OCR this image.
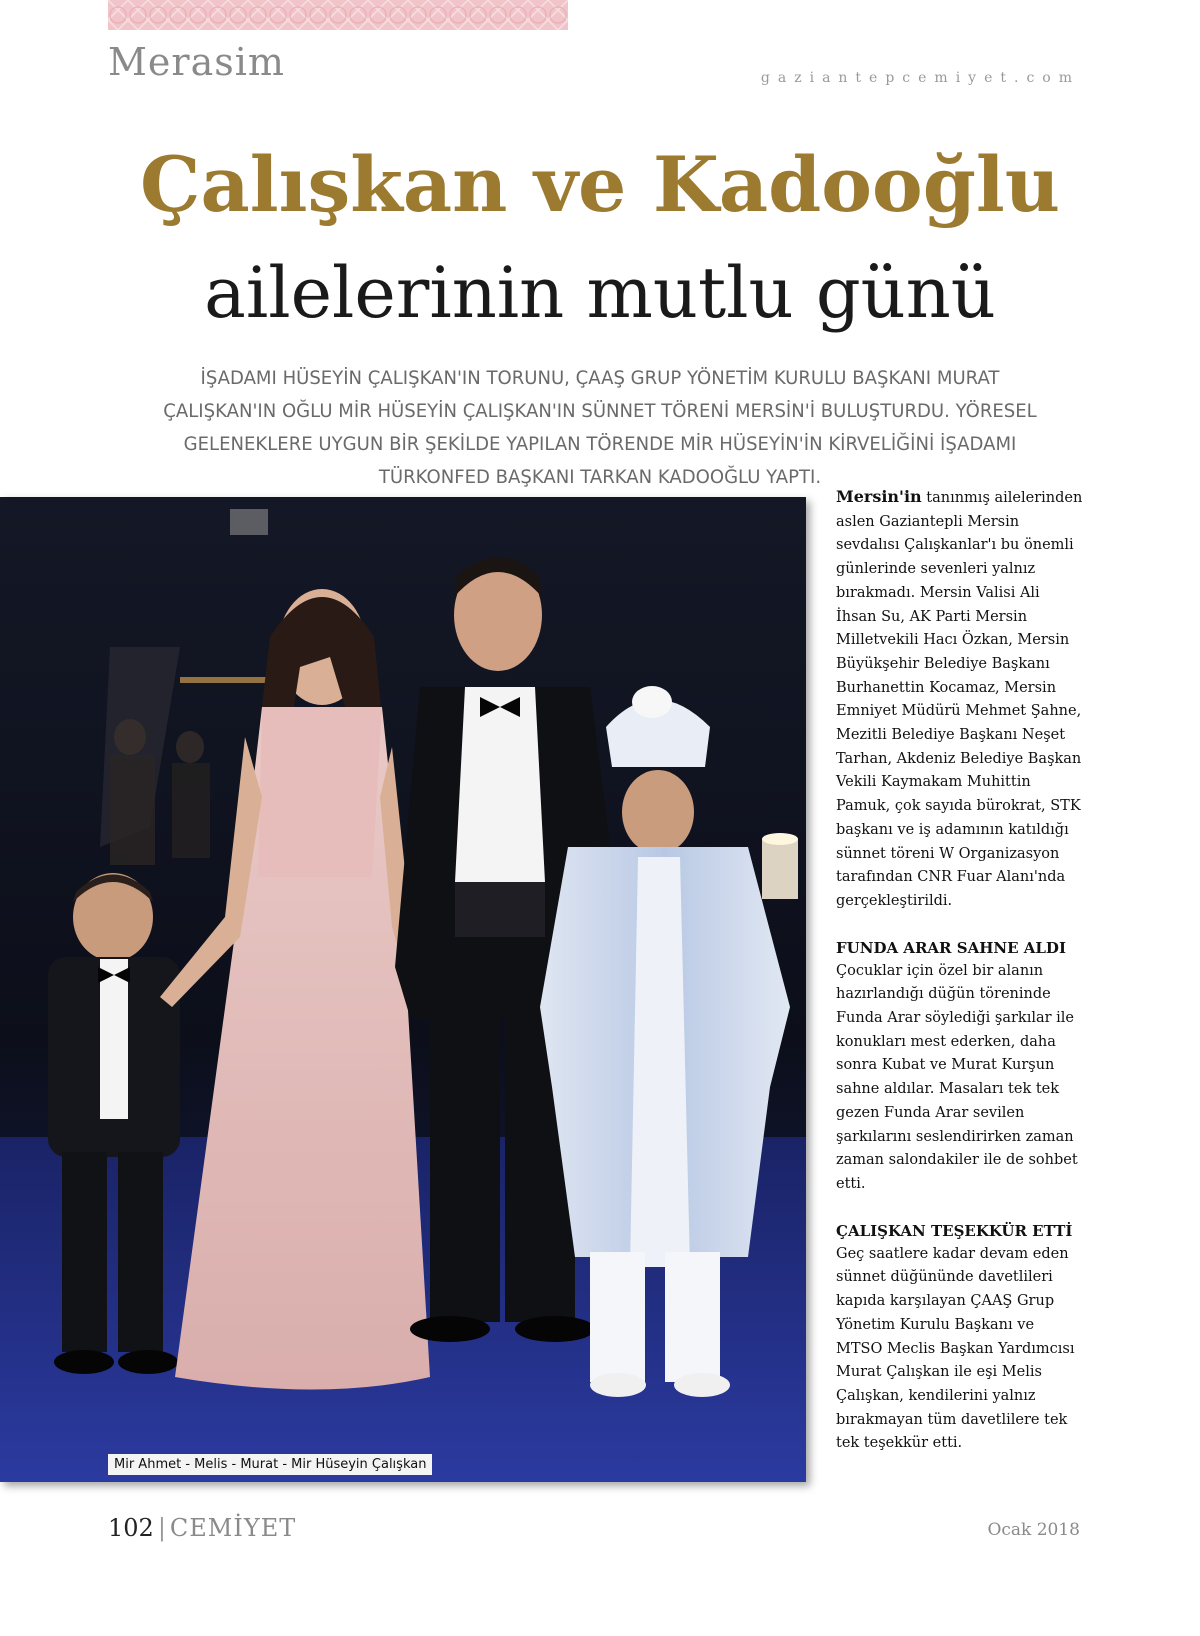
Merasim	gaziantepcemiyet.com
Çalışkan ve Kadooğlu
ailelerinin mutlu günü
İŞADAMI HÜSEYİN ÇALIŞKAN'IN TORUNU, ÇAAŞ GRUP YÖNETİM KURULU BAŞKANI MURAT ÇALIŞKAN'IN OĞLU MİR HÜSEYİN ÇALIŞKAN'IN SÜNNET TÖRENİ MERSİN'İ BULUŞTURDU. YÖRESEL GELENEKLERE UYGUN BİR ŞEKİLDE YAPILAN TÖRENDE MİR HÜSEYİN'İN KİRVELİĞİNİ İŞADAMI TÜRKONFED BAŞKANI TARKAN KADOOĞLU YAPTI.
Mir Ahmet - Melis - Murat - Mir Hüseyin Çalışkan

Mersin'in tanınmış ailelerinden aslen Gaziantepli Mersin sevdalısı Çalışkanlar'ı bu önemli günlerinde sevenleri yalnız bırakmadı. Mersin Valisi Ali İhsan Su, AK Parti Mersin Milletvekili Hacı Özkan, Mersin Büyükşehir Belediye Başkanı Burhanettin Kocamaz, Mersin Emniyet Müdürü Mehmet Şahne, Mezitli Belediye Başkanı Neşet Tarhan, Akdeniz Belediye Başkan Vekili Kaymakam Muhittin Pamuk, çok sayıda bürokrat, STK başkanı ve iş adamının katıldığı sünnet töreni W Organizasyon tarafından CNR Fuar Alanı'nda gerçekleştirildi.

FUNDA ARAR SAHNE ALDI

Çocuklar için özel bir alanın hazırlandığı düğün töreninde Funda Arar söylediği şarkılar ile konukları mest ederken, daha sonra Kubat ve Murat Kurşun sahne aldılar. Masaları tek tek gezen Funda Arar sevilen şarkılarını seslendirirken zaman zaman salondakiler ile de sohbet etti.

ÇALIŞKAN TEŞEKKÜR ETTİ

Geç saatlere kadar devam eden sünnet düğününde davetlileri kapıda karşılayan ÇAAŞ Grup Yönetim Kurulu Başkanı ve MTSO Meclis Başkan Yardımcısı Murat Çalışkan ile eşi Melis Çalışkan, kendilerini yalnız bırakmayan tüm davetlilere tek tek teşekkür etti.

102 | CEMİYET	Ocak 2018
